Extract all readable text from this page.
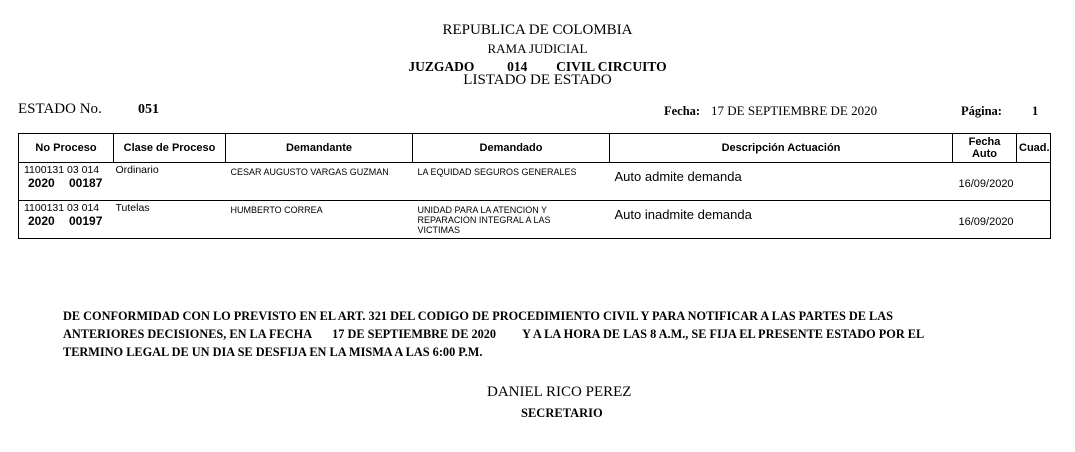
REPUBLICA DE COLOMBIA
RAMA JUDICIAL
JUZGADO 014 CIVIL CIRCUITO
LISTADO DE ESTADO
ESTADO No.	051	Fecha: 17 DE SEPTIEMBRE DE 2020	Página: 1
No Proceso	Clase de Proceso	Demandante	Demandado	Descripción Actuación	Fecha Auto	Cuad.

1100131 03 014
2020 00187	Ordinario	CESAR AUGUSTO VARGAS GUZMAN	LA EQUIDAD SEGUROS GENERALES	Auto admite demanda	16/09/2020	

1100131 03 014
2020 00197	Tutelas	HUMBERTO CORREA	UNIDAD PARA LA ATENCION Y REPARACION INTEGRAL A LAS VICTIMAS	Auto inadmite demanda	16/09/2020	

DE CONFORMIDAD CON LO PREVISTO EN EL ART. 321 DEL CODIGO DE PROCEDIMIENTO CIVIL Y PARA NOTIFICAR A LAS PARTES DE LAS
ANTERIORES DECISIONES, EN LA FECHA 17 DE SEPTIEMBRE DE 2020 Y A LA HORA DE LAS 8 A.M., SE FIJA EL PRESENTE ESTADO POR EL
TERMINO LEGAL DE UN DIA SE DESFIJA EN LA MISMA A LAS 6:00 P.M.
DANIEL RICO PEREZ
SECRETARIO
